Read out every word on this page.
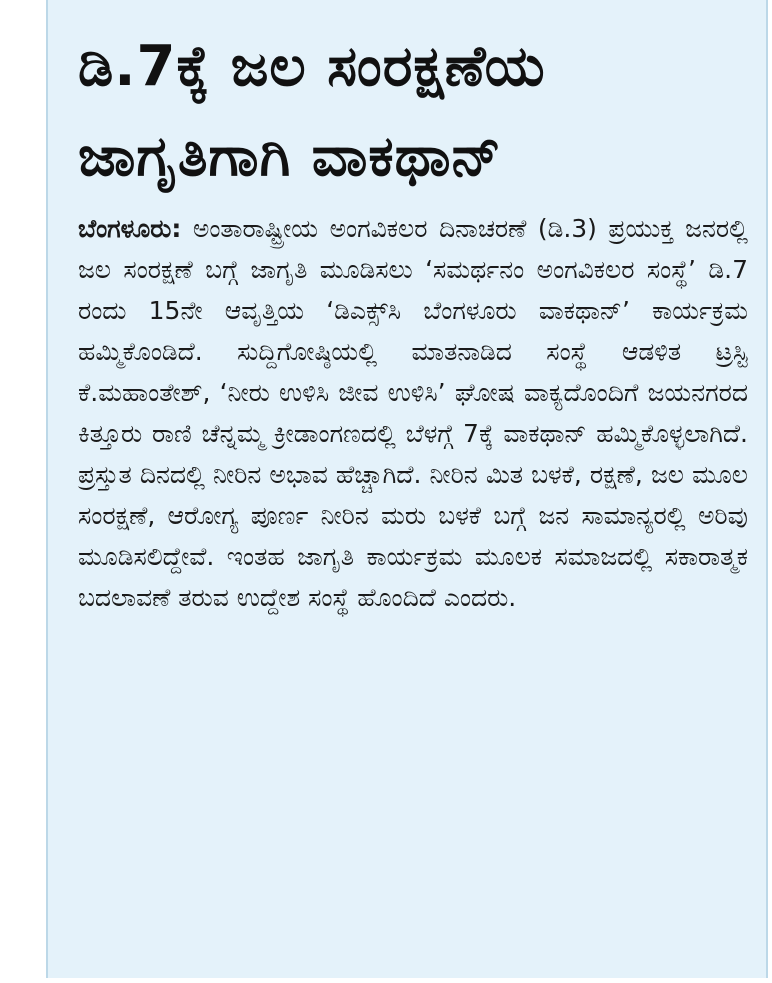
ಡಿ.7ಕ್ಕೆ ಜಲ ಸಂರಕ್ಷಣೆಯ ಜಾಗೃತಿಗಾಗಿ ವಾಕಥಾನ್

ಬೆಂಗಳೂರು: ಅಂತಾರಾಷ್ಟ್ರೀಯ ಅಂಗವಿಕಲರ ದಿನಾಚರಣೆ (ಡಿ.3) ಪ್ರಯುಕ್ತ ಜನರಲ್ಲಿ ಜಲ ಸಂರಕ್ಷಣೆ ಬಗ್ಗೆ ಜಾಗೃತಿ ಮೂಡಿಸಲು ‘ಸಮರ್ಥನಂ ಅಂಗವಿಕಲರ ಸಂಸ್ಥೆ’ ಡಿ.7 ರಂದು 15ನೇ ಆವೃತ್ತಿಯ ‘ಡಿಎಕ್ಸ್‌ಸಿ ಬೆಂಗಳೂರು ವಾಕಥಾನ್’ ಕಾರ್ಯಕ್ರಮ ಹಮ್ಮಿಕೊಂಡಿದೆ. ಸುದ್ದಿಗೋಷ್ಠಿಯಲ್ಲಿ ಮಾತನಾಡಿದ ಸಂಸ್ಥೆ ಆಡಳಿತ ಟ್ರಸ್ಟಿ ಕೆ.ಮಹಾಂತೇಶ್, ‘ನೀರು ಉಳಿಸಿ ಜೀವ ಉಳಿಸಿ’ ಘೋಷ ವಾಕ್ಯದೊಂದಿಗೆ ಜಯನಗರದ ಕಿತ್ತೂರು ರಾಣಿ ಚೆನ್ನಮ್ಮ ಕ್ರೀಡಾಂಗಣದಲ್ಲಿ ಬೆಳಗ್ಗೆ 7ಕ್ಕೆ ವಾಕಥಾನ್ ಹಮ್ಮಿಕೊಳ್ಳಲಾಗಿದೆ. ಪ್ರಸ್ತುತ ದಿನದಲ್ಲಿ ನೀರಿನ ಅಭಾವ ಹೆಚ್ಚಾಗಿದೆ. ನೀರಿನ ಮಿತ ಬಳಕೆ, ರಕ್ಷಣೆ, ಜಲ ಮೂಲ ಸಂರಕ್ಷಣೆ, ಆರೋಗ್ಯ ಪೂರ್ಣ ನೀರಿನ ಮರು ಬಳಕೆ ಬಗ್ಗೆ ಜನ ಸಾಮಾನ್ಯರಲ್ಲಿ ಅರಿವು ಮೂಡಿಸಲಿದ್ದೇವೆ. ಇಂತಹ ಜಾಗೃತಿ ಕಾರ್ಯಕ್ರಮ ಮೂಲಕ ಸಮಾಜದಲ್ಲಿ ಸಕಾರಾತ್ಮಕ ಬದಲಾವಣೆ ತರುವ ಉದ್ದೇಶ ಸಂಸ್ಥೆ ಹೊಂದಿದೆ ಎಂದರು.
